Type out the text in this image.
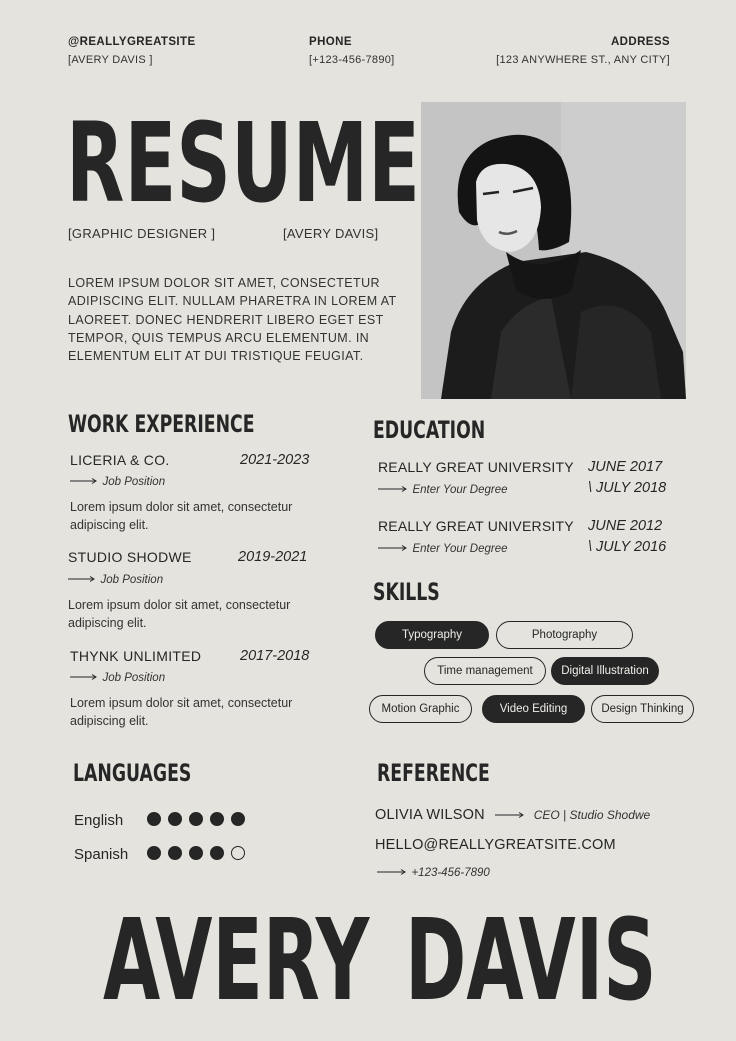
@REALLYGREATSITE
[AVERY DAVIS ]
PHONE
[+123-456-7890]
ADDRESS
[123 ANYWHERE ST., ANY CITY]
RESUME
[GRAPHIC DESIGNER ]	[AVERY DAVIS]
LOREM IPSUM DOLOR SIT AMET, CONSECTETUR ADIPISCING ELIT. NULLAM PHARETRA IN LOREM AT LAOREET. DONEC HENDRERIT LIBERO EGET EST TEMPOR, QUIS TEMPUS ARCU ELEMENTUM. IN ELEMENTUM ELIT AT DUI TRISTIQUE FEUGIAT.
WORK EXPERIENCE
LICERIA & CO.	2021-2023
Job Position
Lorem ipsum dolor sit amet, consectetur adipiscing elit.
STUDIO SHODWE	2019-2021
Job Position
Lorem ipsum dolor sit amet, consectetur adipiscing elit.
THYNK UNLIMITED	2017-2018
Job Position
Lorem ipsum dolor sit amet, consectetur adipiscing elit.
EDUCATION
REALLY GREAT UNIVERSITY
Enter Your Degree
JUNE 2017
\ JULY 2018
REALLY GREAT UNIVERSITY
Enter Your Degree
JUNE 2012
\ JULY 2016
SKILLS
Typography	Photography
Time management	Digital Illustration
Motion Graphic	Video Editing	Design Thinking
LANGUAGES
English
Spanish
REFERENCE
OLIVIA WILSON	CEO | Studio Shodwe
HELLO@REALLYGREATSITE.COM
+123-456-7890
AVERY DAVIS
